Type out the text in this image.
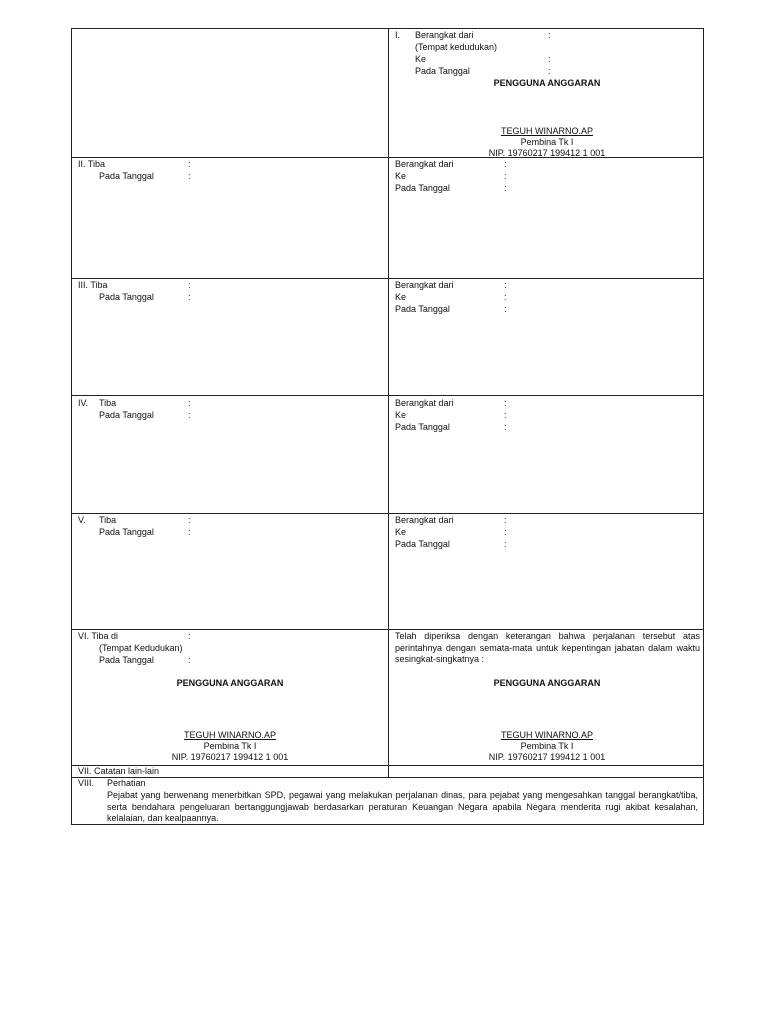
I. Berangkat dari	:
(Tempat kedudukan)
Ke	:
Pada Tanggal	:
PENGGUNA ANGGARAN
TEGUH WINARNO.AP
Pembina Tk I
NIP. 19760217 199412 1 001
II. Tiba	:
Pada Tanggal	:
Berangkat dari	:
Ke	:
Pada Tanggal	:
III. Tiba	:
Pada Tanggal	:
Berangkat dari	:
Ke	:
Pada Tanggal	:
IV. Tiba	:
Pada Tanggal	:
Berangkat dari	:
Ke	:
Pada Tanggal	:
V. Tiba	:
Pada Tanggal	:
Berangkat dari	:
Ke	:
Pada Tanggal	:
VI. Tiba di	:
(Tempat Kedudukan)
Pada Tanggal	:
PENGGUNA ANGGARAN
TEGUH WINARNO.AP
Pembina Tk I
NIP. 19760217 199412 1 001
Telah diperiksa dengan keterangan bahwa perjalanan tersebut atas perintahnya dengan semata-mata untuk kepentingan jabatan dalam waktu sesingkat-singkatnya :
PENGGUNA ANGGARAN
TEGUH WINARNO.AP
Pembina Tk I
NIP. 19760217 199412 1 001
VII. Catatan lain-lain
VIII. Perhatian
Pejabat yang berwenang menerbitkan SPD, pegawai yang melakukan perjalanan dinas, para pejabat yang mengesahkan tanggal berangkat/tiba, serta bendahara pengeluaran bertanggungjawab berdasarkan peraturan Keuangan Negara apabila Negara menderita rugi akibat kesalahan, kelalaian, dan kealpaannya.
